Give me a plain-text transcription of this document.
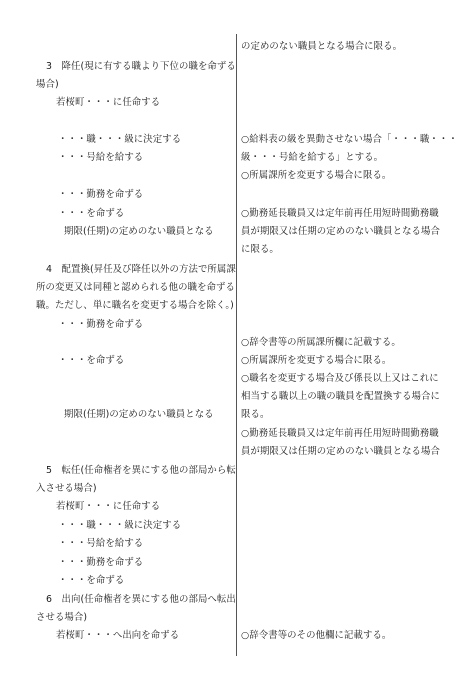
の定めのない職員となる場合に限る。
3　降任(現に有する職より下位の職を命ずる
場合)
若桜町・・・に任命する
・・・職・・・級に決定する	○給料表の級を異動させない場合「・・・職・・・
・・・号給を給する	級・・・号給を給する」とする。
○所属課所を変更する場合に限る。
・・・勤務を命ずる
・・・を命ずる	○勤務延長職員又は定年前再任用短時間勤務職
期限(任期)の定めのない職員となる	員が期限又は任期の定めのない職員となる場合
に限る。
4　配置換(昇任及び降任以外の方法で所属課
所の変更又は同種と認められる他の職を命ずる
職。ただし、単に職名を変更する場合を除く。)
・・・勤務を命ずる
○辞令書等の所属課所欄に記載する。
・・・を命ずる	○所属課所を変更する場合に限る。
○職名を変更する場合及び係長以上又はこれに
相当する職以上の職の職員を配置換する場合に
期限(任期)の定めのない職員となる	限る。
○勤務延長職員又は定年前再任用短時間勤務職
員が期限又は任期の定めのない職員となる場合
5　転任(任命権者を異にする他の部局から転
入させる場合)
若桜町・・・に任命する
・・・職・・・級に決定する
・・・号給を給する
・・・勤務を命ずる
・・・を命ずる
6　出向(任命権者を異にする他の部局へ転出
させる場合)
若桜町・・・へ出向を命ずる	○辞令書等のその他欄に記載する。
